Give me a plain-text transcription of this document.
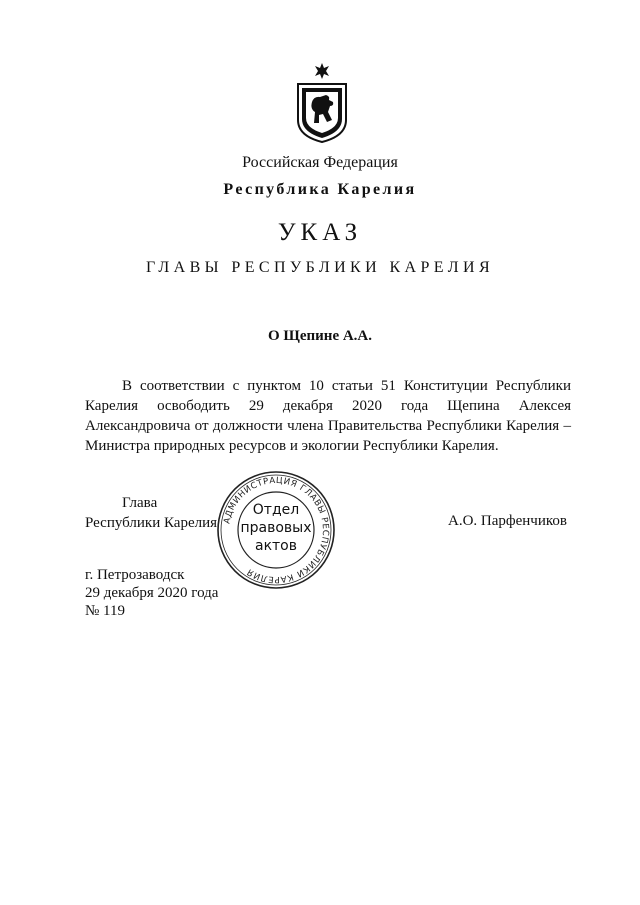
Российская Федерация
Республика Карелия
УКАЗ
ГЛАВЫ РЕСПУБЛИКИ КАРЕЛИЯ
О Щепине А.А.
В соответствии с пунктом 10 статьи 51 Конституции Республики Карелия освободить 29 декабря 2020 года Щепина Алексея Александровича от должности члена Правительства Республики Карелия – Министра природных ресурсов и экологии Республики Карелия.
Глава
Республики Карелия АДМИНИСТРАЦИЯ ГЛАВЫ РЕСПУБЛИКИ КАРЕЛИЯ
Отдел
правовых
актов
А.О. Парфенчиков
г. Петрозаводск
29 декабря 2020 года
№ 119
